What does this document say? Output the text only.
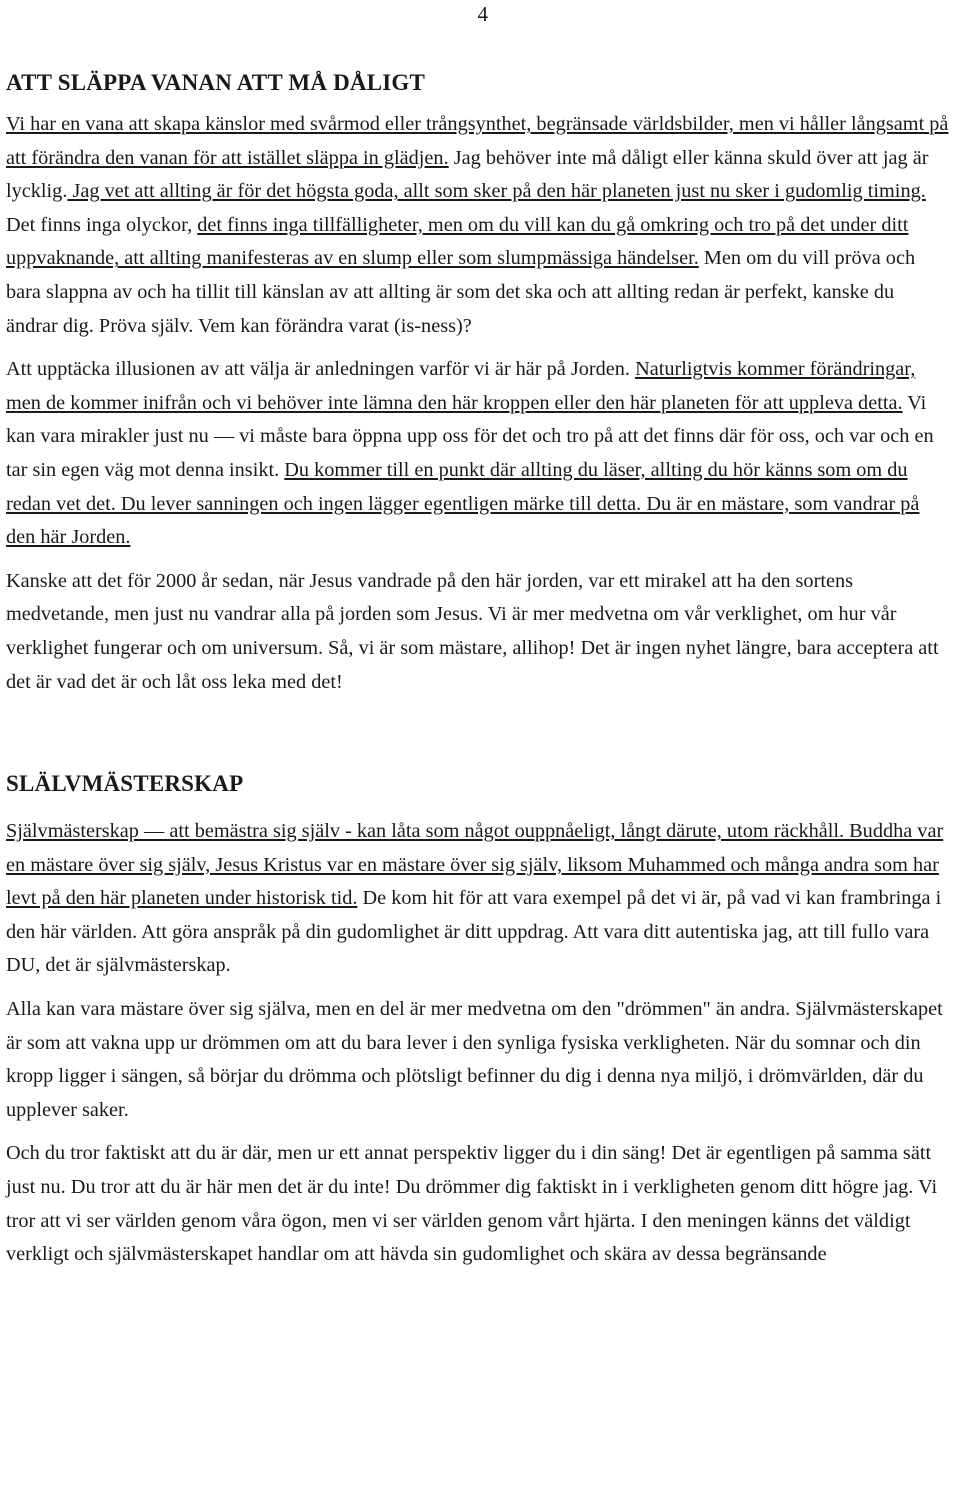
4
ATT SLÄPPA VANAN ATT MÅ DÅLIGT

Vi har en vana att skapa känslor med svårmod eller trångsynthet, begränsade världsbilder, men vi håller långsamt på att förändra den vanan för att istället släppa in glädjen. Jag behöver inte må dåligt eller känna skuld över att jag är lycklig. Jag vet att allting är för det högsta goda, allt som sker på den här planeten just nu sker i gudomlig timing. Det finns inga olyckor, det finns inga tillfälligheter, men om du vill kan du gå omkring och tro på det under ditt uppvaknande, att allting manifesteras av en slump eller som slumpmässiga händelser. Men om du vill pröva och bara slappna av och ha tillit till känslan av att allting är som det ska och att allting redan är perfekt, kanske du ändrar dig. Pröva själv. Vem kan förändra varat (is-ness)?

Att upptäcka illusionen av att välja är anledningen varför vi är här på Jorden. Naturligtvis kommer förändringar, men de kommer inifrån och vi behöver inte lämna den här kroppen eller den här planeten för att uppleva detta. Vi kan vara mirakler just nu — vi måste bara öppna upp oss för det och tro på att det finns där för oss, och var och en tar sin egen väg mot denna insikt. Du kommer till en punkt där allting du läser, allting du hör känns som om du redan vet det. Du lever sanningen och ingen lägger egentligen märke till detta. Du är en mästare, som vandrar på den här Jorden.

Kanske att det för 2000 år sedan, när Jesus vandrade på den här jorden, var ett mirakel att ha den sortens medvetande, men just nu vandrar alla på jorden som Jesus. Vi är mer medvetna om vår verklighet, om hur vår verklighet fungerar och om universum. Så, vi är som mästare, allihop! Det är ingen nyhet längre, bara acceptera att det är vad det är och låt oss leka med det!

SLÄLVMÄSTERSKAP

Självmästerskap — att bemästra sig själv - kan låta som något ouppnåeligt, långt därute, utom räckhåll. Buddha var en mästare över sig själv, Jesus Kristus var en mästare över sig själv, liksom Muhammed och många andra som har levt på den här planeten under historisk tid. De kom hit för att vara exempel på det vi är, på vad vi kan frambringa i den här världen. Att göra anspråk på din gudomlighet är ditt uppdrag. Att vara ditt autentiska jag, att till fullo vara DU, det är självmästerskap.

Alla kan vara mästare över sig själva, men en del är mer medvetna om den "drömmen" än andra. Självmästerskapet är som att vakna upp ur drömmen om att du bara lever i den synliga fysiska verkligheten. När du somnar och din kropp ligger i sängen, så börjar du drömma och plötsligt befinner du dig i denna nya miljö, i drömvärlden, där du upplever saker.

Och du tror faktiskt att du är där, men ur ett annat perspektiv ligger du i din säng! Det är egentligen på samma sätt just nu. Du tror att du är här men det är du inte! Du drömmer dig faktiskt in i verkligheten genom ditt högre jag. Vi tror att vi ser världen genom våra ögon, men vi ser världen genom vårt hjärta. I den meningen känns det väldigt verkligt och självmästerskapet handlar om att hävda sin gudomlighet och skära av dessa begränsande
